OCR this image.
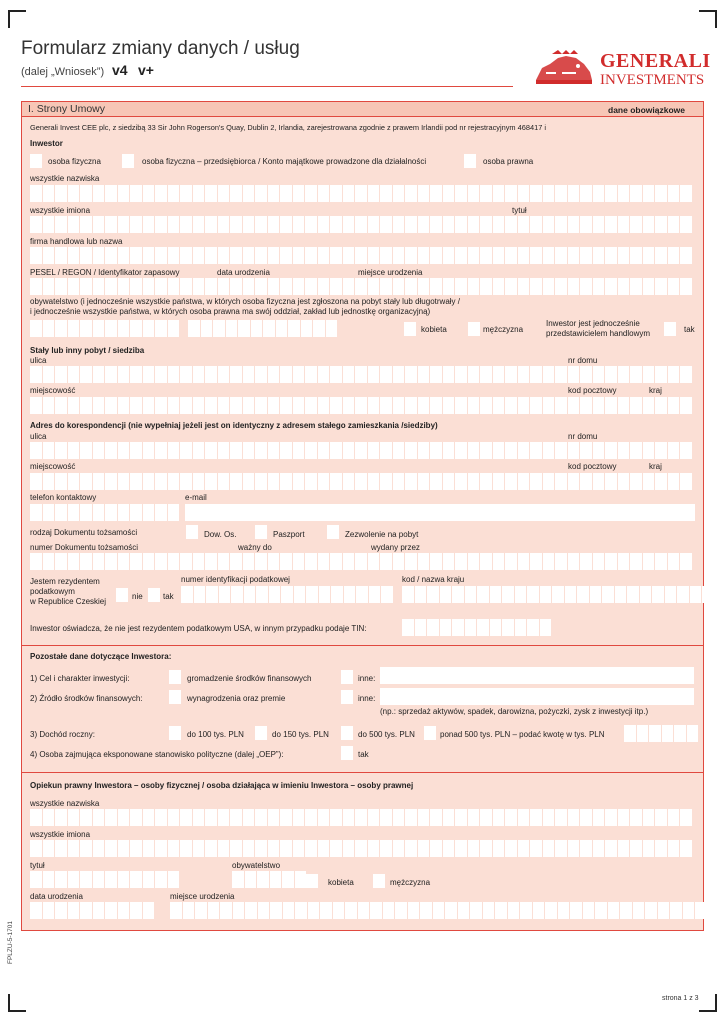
Formularz zmiany danych / usług
(dalej „Wniosek”) v4 v+	GENERALI
INVESTMENTS
I. Strony Umowy	dane obowiązkowe
Generali Invest CEE plc, z siedzibą 33 Sir John Rogerson's Quay, Dublin 2, Irlandia, zarejestrowana zgodnie z prawem Irlandii pod nr rejestracyjnym 468417 i
Inwestor
osoba fizyczna	osoba fizyczna – przedsiębiorca / Konto majątkowe prowadzone dla działalności	osoba prawna
wszystkie nazwiska
wszystkie imiona	tytuł
firma handlowa lub nazwa
PESEL / REGON / Identyfikator zapasowy	data urodzenia	miejsce urodzenia
obywatelstwo (i jednocześnie wszystkie państwa, w których osoba fizyczna jest zgłoszona na pobyt stały lub długotrwały /
i jednocześnie wszystkie państwa, w których osoba prawna ma swój oddział, zakład lub jednostkę organizacyjną)
kobieta	mężczyzna
Inwestor jest jednocześnie
przedstawicielem handlowym	tak
Stały lub inny pobyt / siedziba
ulica	nr domu
miejscowość	kod pocztowy	kraj
Adres do korespondencji (nie wypełniaj jeżeli jest on identyczny z adresem stałego zamieszkania /siedziby)
ulica	nr domu
miejscowość	kod pocztowy	kraj
telefon kontaktowy	e-mail
rodzaj Dokumentu tożsamości	Dow. Os.	Paszport	Zezwolenie na pobyt
numer Dokumentu tożsamości	ważny do	wydany przez
Jestem rezydentem
podatkowym
w Republice Czeskiej
nie	tak
numer identyfikacji podatkowej	kod / nazwa kraju
Inwestor oświadcza, że nie jest rezydentem podatkowym USA, w innym przypadku podaje TIN:
Pozostałe dane dotyczące Inwestora:
1) Cel i charakter inwestycji:	gromadzenie środków finansowych	inne:
2) Źródło środków finansowych:	wynagrodzenia oraz premie	inne:
(np.: sprzedaż aktywów, spadek, darowizna, pożyczki, zysk z inwestycji itp.)
3) Dochód roczny:	do 100 tys. PLN	do 150 tys. PLN	do 500 tys. PLN	ponad 500 tys. PLN – podać kwotę w tys. PLN
4) Osoba zajmująca eksponowane stanowisko polityczne (dalej „OEP”):	tak
Opiekun prawny Inwestora – osoby fizycznej / osoba działająca w imieniu Inwestora – osoby prawnej
wszystkie nazwiska
wszystkie imiona
tytuł	obywatelstwo
kobieta	mężczyzna
data urodzenia	miejsce urodzenia
FPLZU-5-1701
strona 1 z 3
